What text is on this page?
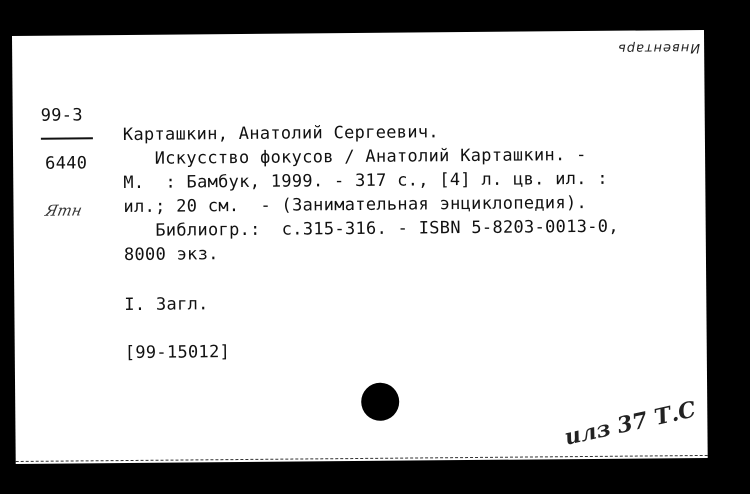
Инвентарь
99-3
6440
Ятн
Карташкин, Анатолий Сергеевич.
Искусство фокусов / Анатолий Карташкин. -
М.  : Бамбук, 1999. - 317 с., [4] л. цв. ил. :
ил.; 20 см.  - (Занимательная энциклопедия).
Библиогр.:  с.315-316. - ISBN 5-8203-0013-0,
8000 экз.
I. Загл.
[99-15012]
илз 37 Т.С
